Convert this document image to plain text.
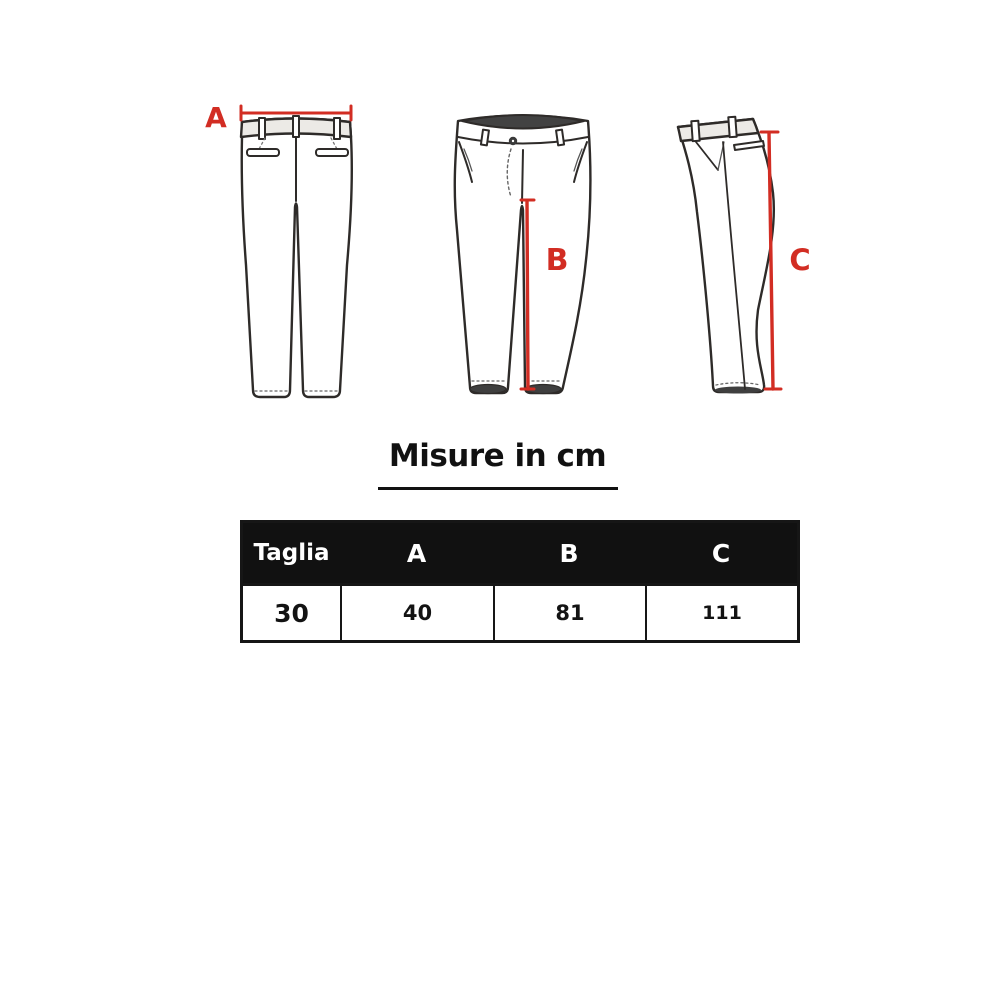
A
B	C
Misure in cm
Taglia	A	B	C
30	40	81	111
